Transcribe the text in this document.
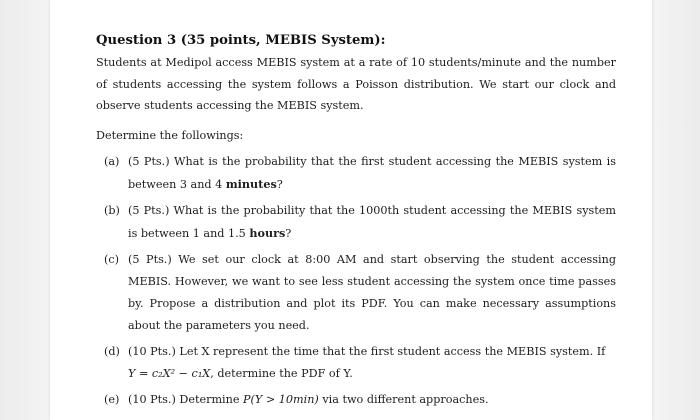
Question 3 (35 points, MEBIS System):

Students at Medipol access MEBIS system at a rate of 10 students/minute and the number of students accessing the system follows a Poisson distribution. We start our clock and observe students accessing the MEBIS system.

Determine the followings:
(a) (5 Pts.) What is the probability that the first student accessing the MEBIS system is between 3 and 4 minutes?
(b) (5 Pts.) What is the probability that the 1000th student accessing the MEBIS system is between 1 and 1.5 hours?
(c) (5 Pts.) We set our clock at 8:00 AM and start observing the student accessing MEBIS. However, we want to see less student accessing the system once time passes by. Propose a distribution and plot its PDF. You can make necessary assumptions about the parameters you need.
(d) (10 Pts.) Let X represent the time that the first student access the MEBIS system. If
Y = c₂X² − c₁X, determine the PDF of Y.
(e) (10 Pts.) Determine P(Y > 10min) via two different approaches.
